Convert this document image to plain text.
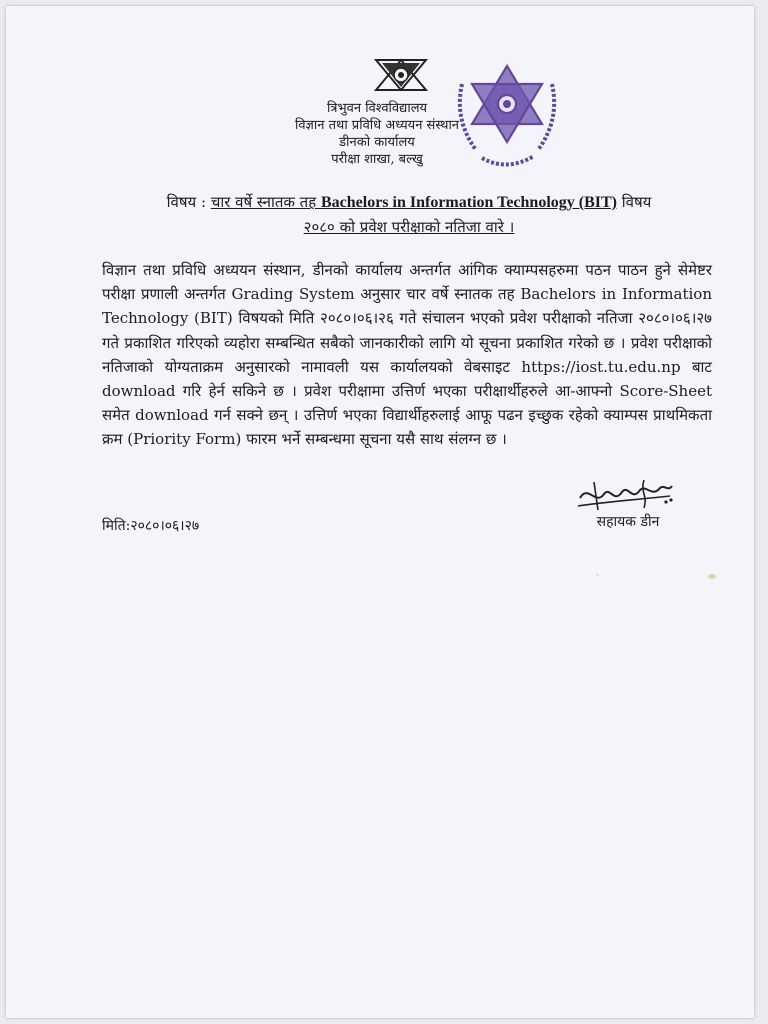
त्रिभुवन विश्वविद्यालय
विज्ञान तथा प्रविधि अध्ययन संस्थान
डीनको कार्यालय
परीक्षा शाखा, बल्खु
विषय : चार वर्षे स्नातक तह Bachelors in Information Technology (BIT) विषय
२०८० को प्रवेश परीक्षाको नतिजा वारे ।
विज्ञान तथा प्रविधि अध्ययन संस्थान, डीनको कार्यालय अन्तर्गत आंगिक क्याम्पसहरुमा पठन पाठन हुने सेमेष्टर परीक्षा प्रणाली अन्तर्गत Grading System अनुसार चार वर्षे स्नातक तह Bachelors in Information Technology (BIT) विषयको मिति २०८०।०६।२६ गते संचालन भएको प्रवेश परीक्षाको नतिजा २०८०।०६।२७ गते प्रकाशित गरिएको व्यहोरा सम्बन्धित सबैको जानकारीको लागि यो सूचना प्रकाशित गरेको छ । प्रवेश परीक्षाको नतिजाको योग्यताक्रम अनुसारको नामावली यस कार्यालयको वेबसाइट https://iost.tu.edu.np बाट download गरि हेर्न सकिने छ । प्रवेश परीक्षामा उत्तिर्ण भएका परीक्षार्थीहरुले आ-आफ्नो Score-Sheet समेत download गर्न सक्ने छन् । उत्तिर्ण भएका विद्यार्थीहरुलाई आफू पढन इच्छुक रहेको क्याम्पस प्राथमिकता क्रम (Priority Form) फारम भर्ने सम्बन्धमा सूचना यसै साथ संलग्न छ ।
सहायक डीन
मिति:२०८०।०६।२७
